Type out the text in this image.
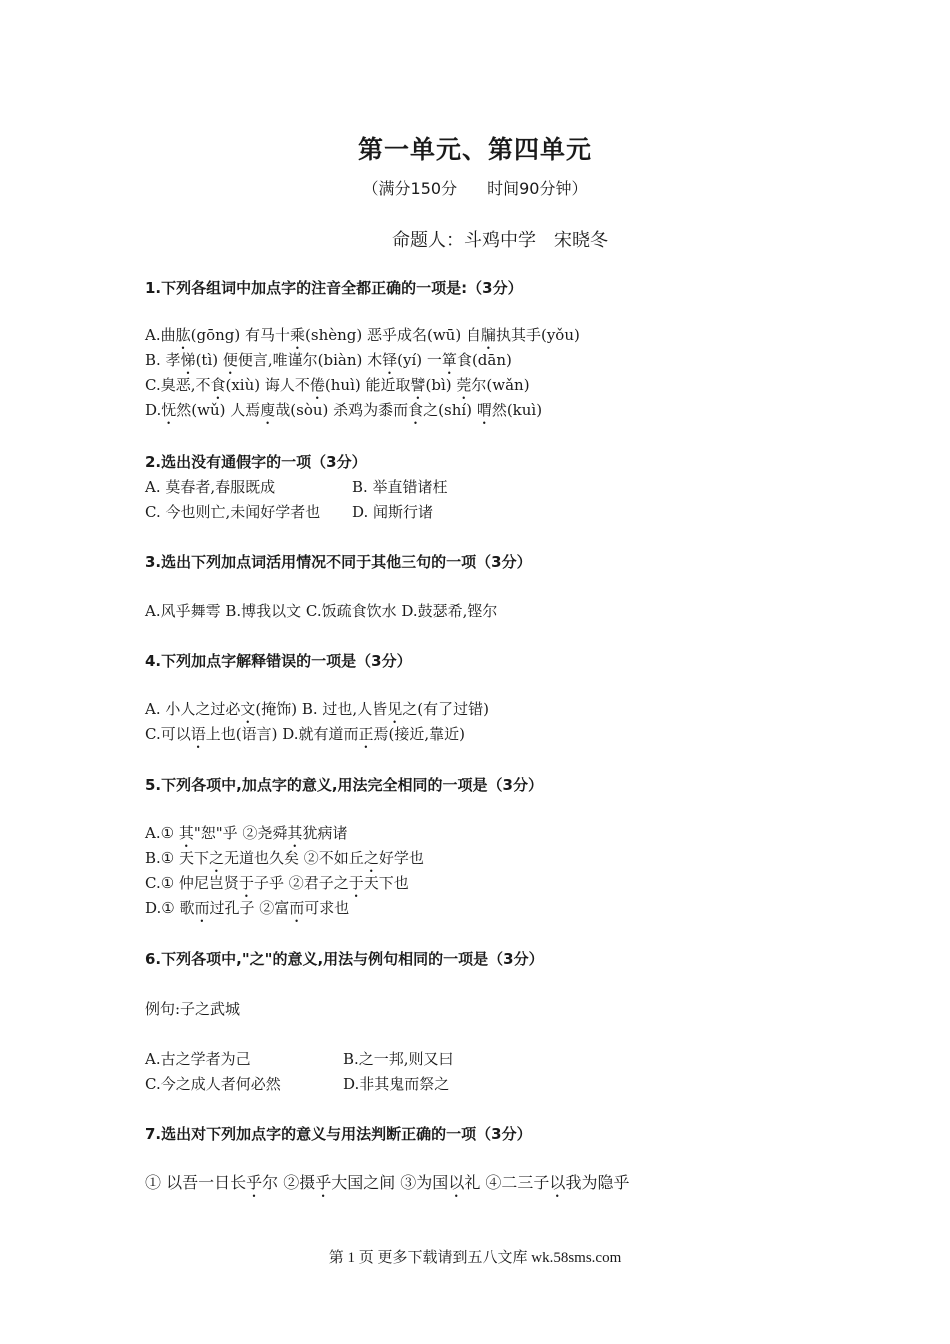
第一单元、第四单元
（满分150分 时间90分钟）
命题人：斗鸡中学　宋晓冬
1.下列各组词中加点字的注音全都正确的一项是:（3分）
A.曲肱(gōng) 有马十乘(shèng) 恶乎成名(wū) 自牖执其手(yǒu)
B. 孝悌(tì) 便便言,唯谨尔(biàn) 木铎(yí) 一箪食(dān)
C.臭恶,不食(xiù) 诲人不倦(huì) 能近取譬(bì) 莞尔(wǎn)
D.怃然(wǔ) 人焉廋哉(sòu) 杀鸡为黍而食之(shí) 喟然(kuì)
2.选出没有通假字的一项（3分）
A. 莫春者,春服既成	B. 举直错诸枉
C. 今也则亡,未闻好学者也 D. 闻斯行诸
3.选出下列加点词活用情况不同于其他三句的一项（3分）
A.风乎舞雩 B.博我以文 C.饭疏食饮水 D.鼓瑟希,铿尔
4.下列加点字解释错误的一项是（3分）
A. 小人之过必文(掩饰) B. 过也,人皆见之(有了过错)
C.可以语上也(语言) D.就有道而正焉(接近,靠近)
5.下列各项中,加点字的意义,用法完全相同的一项是（3分）
A.① 其"恕"乎 ②尧舜其犹病诸
B.① 天下之无道也久矣 ②不如丘之好学也
C.① 仲尼岂贤于子乎 ②君子之于天下也
D.① 歌而过孔子 ②富而可求也
6.下列各项中,"之"的意义,用法与例句相同的一项是（3分）
例句:子之武城
A.古之学者为己	B.之一邦,则又曰
C.今之成人者何必然	D.非其鬼而祭之
7.选出对下列加点字的意义与用法判断正确的一项（3分）
① 以吾一日长乎尔 ②摄乎大国之间 ③为国以礼 ④二三子以我为隐乎
第 1 页 更多下载请到五八文库 wk.58sms.com
